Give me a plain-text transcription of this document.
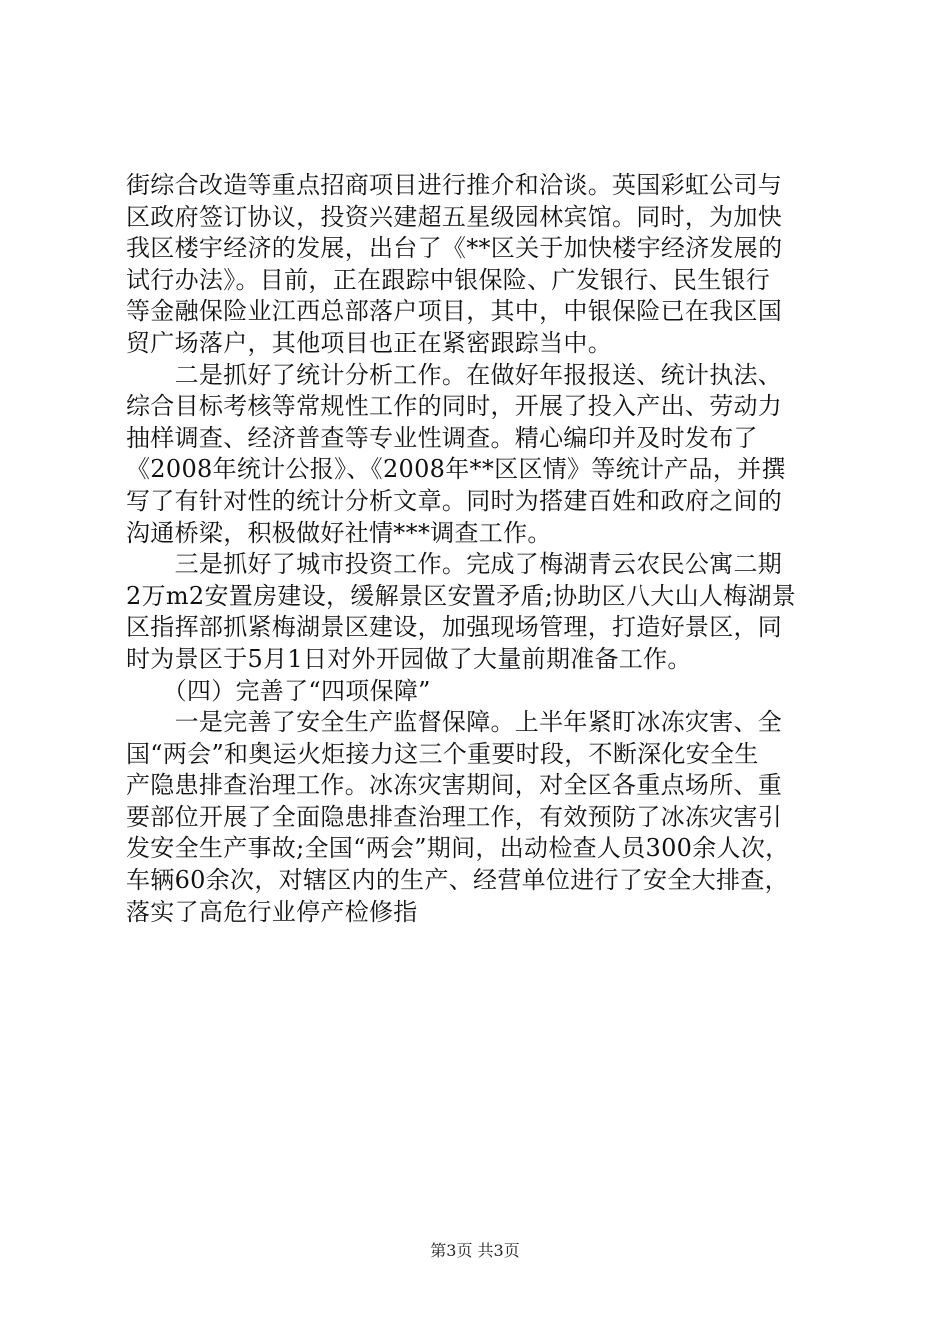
街综合改造等重点招商项目进行推介和洽谈。英国彩虹公司与
区政府签订协议，投资兴建超五星级园林宾馆。同时，为加快
我区楼宇经济的发展，出台了《**区关于加快楼宇经济发展的
试行办法》。目前，正在跟踪中银保险、广发银行、民生银行
等金融保险业江西总部落户项目，其中，中银保险已在我区国
贸广场落户，其他项目也正在紧密跟踪当中。
　　二是抓好了统计分析工作。在做好年报报送、统计执法、
综合目标考核等常规性工作的同时，开展了投入产出、劳动力
抽样调查、经济普查等专业性调查。精心编印并及时发布了
《2008年统计公报》、《2008年**区区情》等统计产品，并撰
写了有针对性的统计分析文章。同时为搭建百姓和政府之间的
沟通桥梁，积极做好社情***调查工作。
　　三是抓好了城市投资工作。完成了梅湖青云农民公寓二期
2万m2安置房建设，缓解景区安置矛盾;协助区八大山人梅湖景
区指挥部抓紧梅湖景区建设，加强现场管理，打造好景区，同
时为景区于5月1日对外开园做了大量前期准备工作。
　　（四）完善了“四项保障”
　　一是完善了安全生产监督保障。上半年紧盯冰冻灾害、全
国“两会”和奥运火炬接力这三个重要时段，不断深化安全生
产隐患排查治理工作。冰冻灾害期间，对全区各重点场所、重
要部位开展了全面隐患排查治理工作，有效预防了冰冻灾害引
发安全生产事故;全国“两会”期间，出动检查人员300余人次，
车辆60余次，对辖区内的生产、经营单位进行了安全大排查，
落实了高危行业停产检修指
第3页 共3页
